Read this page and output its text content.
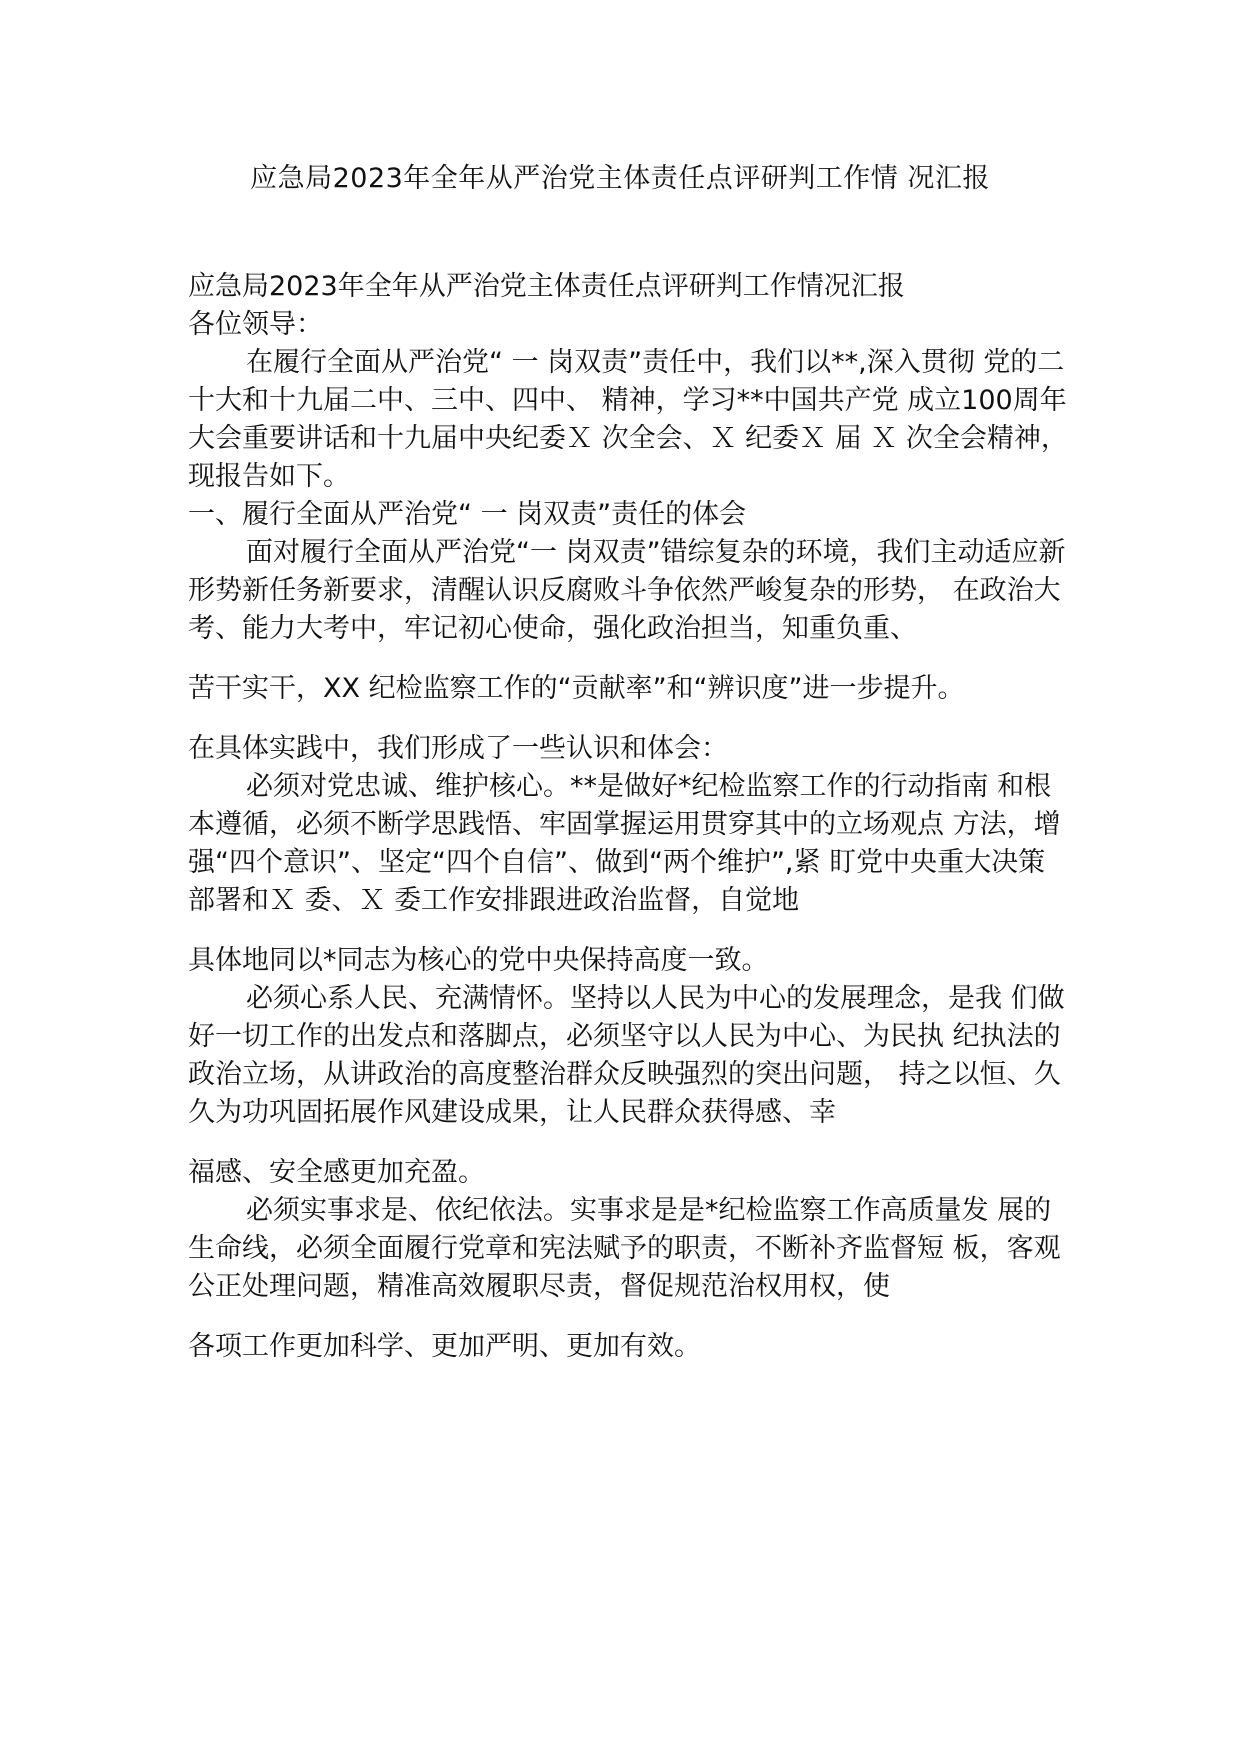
应急局2023年全年从严治党主体责任点评研判工作情 况汇报

应急局2023年全年从严治党主体责任点评研判工作情况汇报

各位领导：

在履行全面从严治党“ 一 岗双责”责任中，我们以**,深入贯彻 党的二十大和十九届二中、三中、四中、 精神，学习**中国共产党 成立100周年大会重要讲话和十九届中央纪委Ｘ 次全会、Ｘ 纪委Ｘ 届 Ｘ 次全会精神，现报告如下。

一、履行全面从严治党“ 一 岗双责”责任的体会

面对履行全面从严治党“一 岗双责”错综复杂的环境，我们主动适应新形势新任务新要求，清醒认识反腐败斗争依然严峻复杂的形势， 在政治大考、能力大考中，牢记初心使命，强化政治担当，知重负重、

苦干实干，XX 纪检监察工作的“贡献率”和“辨识度”进一步提升。

在具体实践中，我们形成了一些认识和体会：

必须对党忠诚、维护核心。**是做好*纪检监察工作的行动指南 和根本遵循，必须不断学思践悟、牢固掌握运用贯穿其中的立场观点 方法，增强“四个意识”、坚定“四个自信”、做到“两个维护”,紧 盯党中央重大决策部署和Ｘ 委、Ｘ 委工作安排跟进政治监督，自觉地

具体地同以*同志为核心的党中央保持高度一致。

必须心系人民、充满情怀。坚持以人民为中心的发展理念，是我 们做好一切工作的出发点和落脚点，必须坚守以人民为中心、为民执 纪执法的政治立场，从讲政治的高度整治群众反映强烈的突出问题， 持之以恒、久久为功巩固拓展作风建设成果，让人民群众获得感、幸

福感、安全感更加充盈。

必须实事求是、依纪依法。实事求是是*纪检监察工作高质量发 展的生命线，必须全面履行党章和宪法赋予的职责，不断补齐监督短 板，客观公正处理问题，精准高效履职尽责，督促规范治权用权，使

各项工作更加科学、更加严明、更加有效。
